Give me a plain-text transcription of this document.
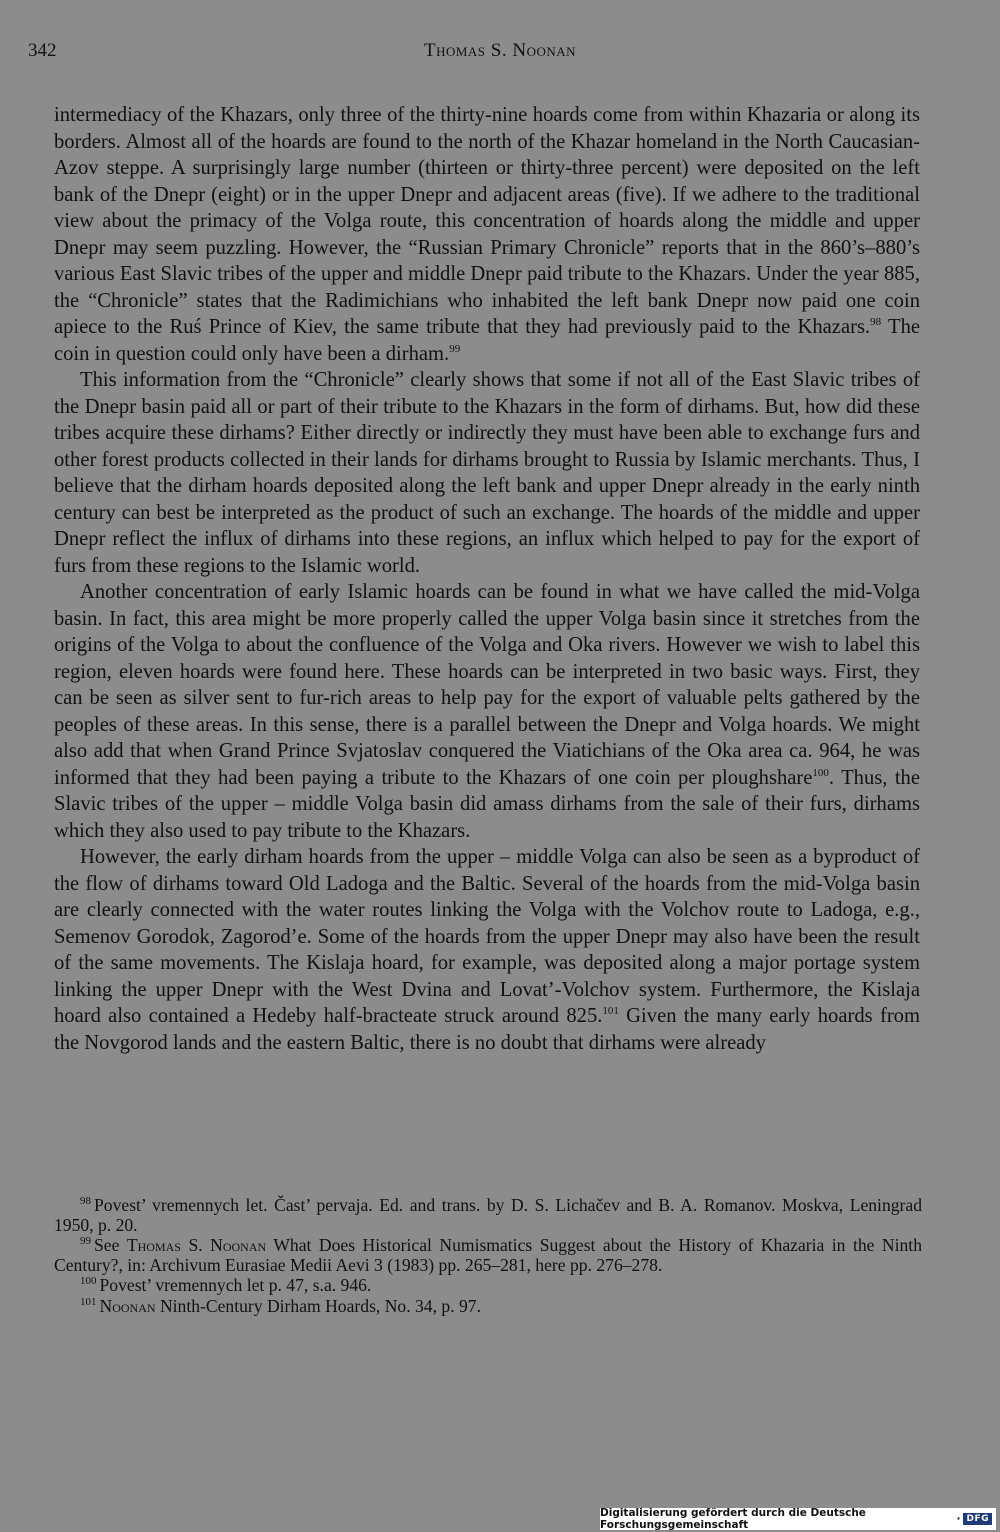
342	Thomas S. Noonan

intermediacy of the Khazars, only three of the thirty-nine hoards come from within Khazaria or along its borders. Almost all of the hoards are found to the north of the Khazar homeland in the North Caucasian-Azov steppe. A surprisingly large number (thirteen or thirty-three percent) were deposited on the left bank of the Dnepr (eight) or in the upper Dnepr and adjacent areas (five). If we adhere to the traditional view about the primacy of the Volga route, this concentration of hoards along the middle and upper Dnepr may seem puzzling. However, the “Russian Primary Chronicle” reports that in the 860’s–880’s various East Slavic tribes of the upper and middle Dnepr paid tribute to the Khazars. Under the year 885, the “Chronicle” states that the Radimichians who inhabited the left bank Dnepr now paid one coin apiece to the Ruś Prince of Kiev, the same tribute that they had previously paid to the Khazars.$^{98}$ The coin in question could only have been a dirham.$^{99}$

This information from the “Chronicle” clearly shows that some if not all of the East Slavic tribes of the Dnepr basin paid all or part of their tribute to the Khazars in the form of dirhams. But, how did these tribes acquire these dirhams? Either directly or indirectly they must have been able to exchange furs and other forest products collected in their lands for dirhams brought to Russia by Islamic merchants. Thus, I believe that the dirham hoards deposited along the left bank and upper Dnepr already in the early ninth century can best be interpreted as the product of such an exchange. The hoards of the middle and upper Dnepr reflect the influx of dirhams into these regions, an influx which helped to pay for the export of furs from these regions to the Islamic world.

Another concentration of early Islamic hoards can be found in what we have called the mid-Volga basin. In fact, this area might be more properly called the upper Volga basin since it stretches from the origins of the Volga to about the confluence of the Volga and Oka rivers. However we wish to label this region, eleven hoards were found here. These hoards can be interpreted in two basic ways. First, they can be seen as silver sent to fur-rich areas to help pay for the export of valuable pelts gathered by the peoples of these areas. In this sense, there is a parallel between the Dnepr and Volga hoards. We might also add that when Grand Prince Svjatoslav conquered the Viatichians of the Oka area ca. 964, he was informed that they had been paying a tribute to the Khazars of one coin per ploughshare$^{100}$. Thus, the Slavic tribes of the upper – middle Volga basin did amass dirhams from the sale of their furs, dirhams which they also used to pay tribute to the Khazars.

However, the early dirham hoards from the upper – middle Volga can also be seen as a byproduct of the flow of dirhams toward Old Ladoga and the Baltic. Several of the hoards from the mid-Volga basin are clearly connected with the water routes linking the Volga with the Volchov route to Ladoga, e.g., Semenov Gorodok, Zagorod’e. Some of the hoards from the upper Dnepr may also have been the result of the same movements. The Kislaja hoard, for example, was deposited along a major portage system linking the upper Dnepr with the West Dvina and Lovat’-Volchov system. Furthermore, the Kislaja hoard also contained a Hedeby half-bracteate struck around 825.$^{101}$ Given the many early hoards from the Novgorod lands and the eastern Baltic, there is no doubt that dirhams were already

$^{98}$ Povest’ vremennych let. Čast’ pervaja. Ed. and trans. by D. S. Lichačev and B. A. Romanov. Moskva, Leningrad 1950, p. 20.

$^{99}$ See Thomas S. Noonan What Does Historical Numismatics Suggest about the History of Khazaria in the Ninth Century?, in: Archivum Eurasiae Medii Aevi 3 (1983) pp. 265–281, here pp. 276–278.

$^{100}$ Povest’ vremennych let p. 47, s.a. 946.

$^{101}$ Noonan Ninth-Century Dirham Hoards, No. 34, p. 97.

Digitalisierung gefördert durch die Deutsche Forschungsgemeinschaft	· DFG
